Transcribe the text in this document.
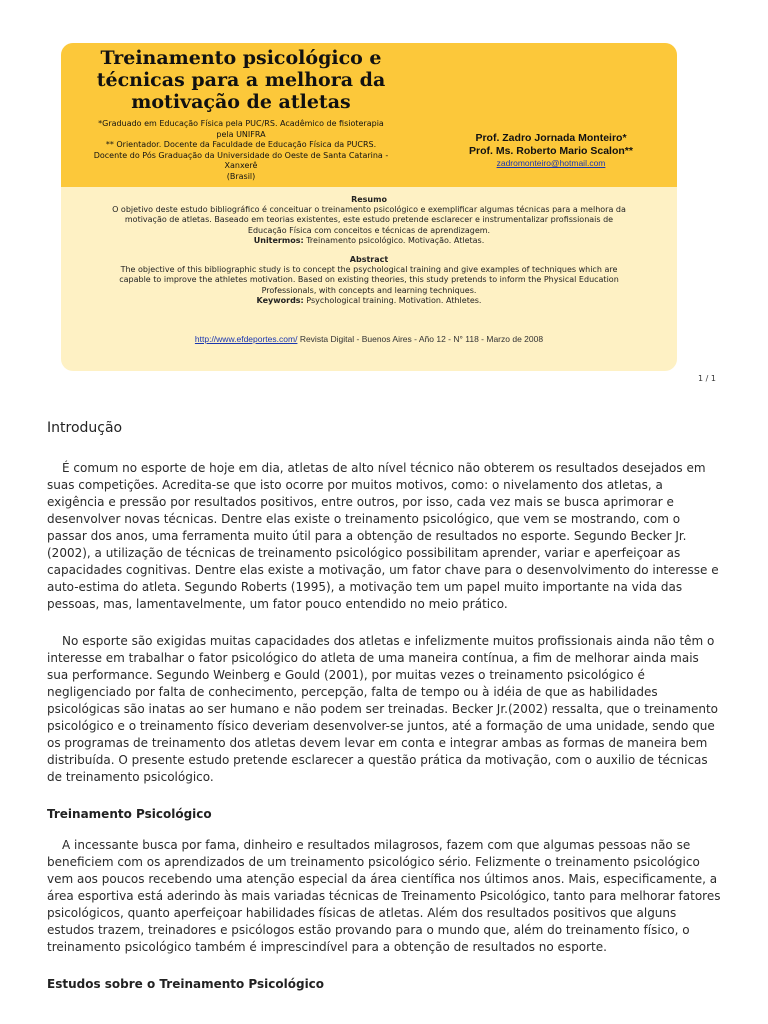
Treinamento psicológico e técnicas para a melhora da motivação de atletas
*Graduado em Educação Física pela PUC/RS. Acadêmico de fisioterapia pela UNIFRA
** Orientador. Docente da Faculdade de Educação Física da PUCRS. Docente do Pós Graduação da Universidade do Oeste de Santa Catarina - Xanxerê
(Brasil)
Prof. Zadro Jornada Monteiro*
Prof. Ms. Roberto Mario Scalon**
zadromonteiro@hotmail.com
Resumo
O objetivo deste estudo bibliográfico é conceituar o treinamento psicológico e exemplificar algumas técnicas para a melhora da motivação de atletas. Baseado em teorias existentes, este estudo pretende esclarecer e instrumentalizar profissionais de Educação Física com conceitos e técnicas de aprendizagem.
Unitermos: Treinamento psicológico. Motivação. Atletas.
Abstract
The objective of this bibliographic study is to concept the psychological training and give examples of techniques which are capable to improve the athletes motivation. Based on existing theories, this study pretends to inform the Physical Education Professionals, with concepts and learning techniques.
Keywords: Psychological training. Motivation. Athletes.
http://www.efdeportes.com/ Revista Digital - Buenos Aires - Año 12 - N° 118 - Marzo de 2008
1 / 1
Introdução

É comum no esporte de hoje em dia, atletas de alto nível técnico não obterem os resultados desejados em suas competições. Acredita-se que isto ocorre por muitos motivos, como: o nivelamento dos atletas, a exigência e pressão por resultados positivos, entre outros, por isso, cada vez mais se busca aprimorar e desenvolver novas técnicas. Dentre elas existe o treinamento psicológico, que vem se mostrando, com o passar dos anos, uma ferramenta muito útil para a obtenção de resultados no esporte. Segundo Becker Jr. (2002), a utilização de técnicas de treinamento psicológico possibilitam aprender, variar e aperfeiçoar as capacidades cognitivas. Dentre elas existe a motivação, um fator chave para o desenvolvimento do interesse e auto-estima do atleta. Segundo Roberts (1995), a motivação tem um papel muito importante na vida das pessoas, mas, lamentavelmente, um fator pouco entendido no meio prático.

No esporte são exigidas muitas capacidades dos atletas e infelizmente muitos profissionais ainda não têm o interesse em trabalhar o fator psicológico do atleta de uma maneira contínua, a fim de melhorar ainda mais sua performance. Segundo Weinberg e Gould (2001), por muitas vezes o treinamento psicológico é negligenciado por falta de conhecimento, percepção, falta de tempo ou à idéia de que as habilidades psicológicas são inatas ao ser humano e não podem ser treinadas. Becker Jr.(2002) ressalta, que o treinamento psicológico e o treinamento físico deveriam desenvolver-se juntos, até a formação de uma unidade, sendo que os programas de treinamento dos atletas devem levar em conta e integrar ambas as formas de maneira bem distribuída. O presente estudo pretende esclarecer a questão prática da motivação, com o auxilio de técnicas de treinamento psicológico.

Treinamento Psicológico

A incessante busca por fama, dinheiro e resultados milagrosos, fazem com que algumas pessoas não se beneficiem com os aprendizados de um treinamento psicológico sério. Felizmente o treinamento psicológico vem aos poucos recebendo uma atenção especial da área científica nos últimos anos. Mais, especificamente, a área esportiva está aderindo às mais variadas técnicas de Treinamento Psicológico, tanto para melhorar fatores psicológicos, quanto aperfeiçoar habilidades físicas de atletas. Além dos resultados positivos que alguns estudos trazem, treinadores e psicólogos estão provando para o mundo que, além do treinamento físico, o treinamento psicológico também é imprescindível para a obtenção de resultados no esporte.

Estudos sobre o Treinamento Psicológico
